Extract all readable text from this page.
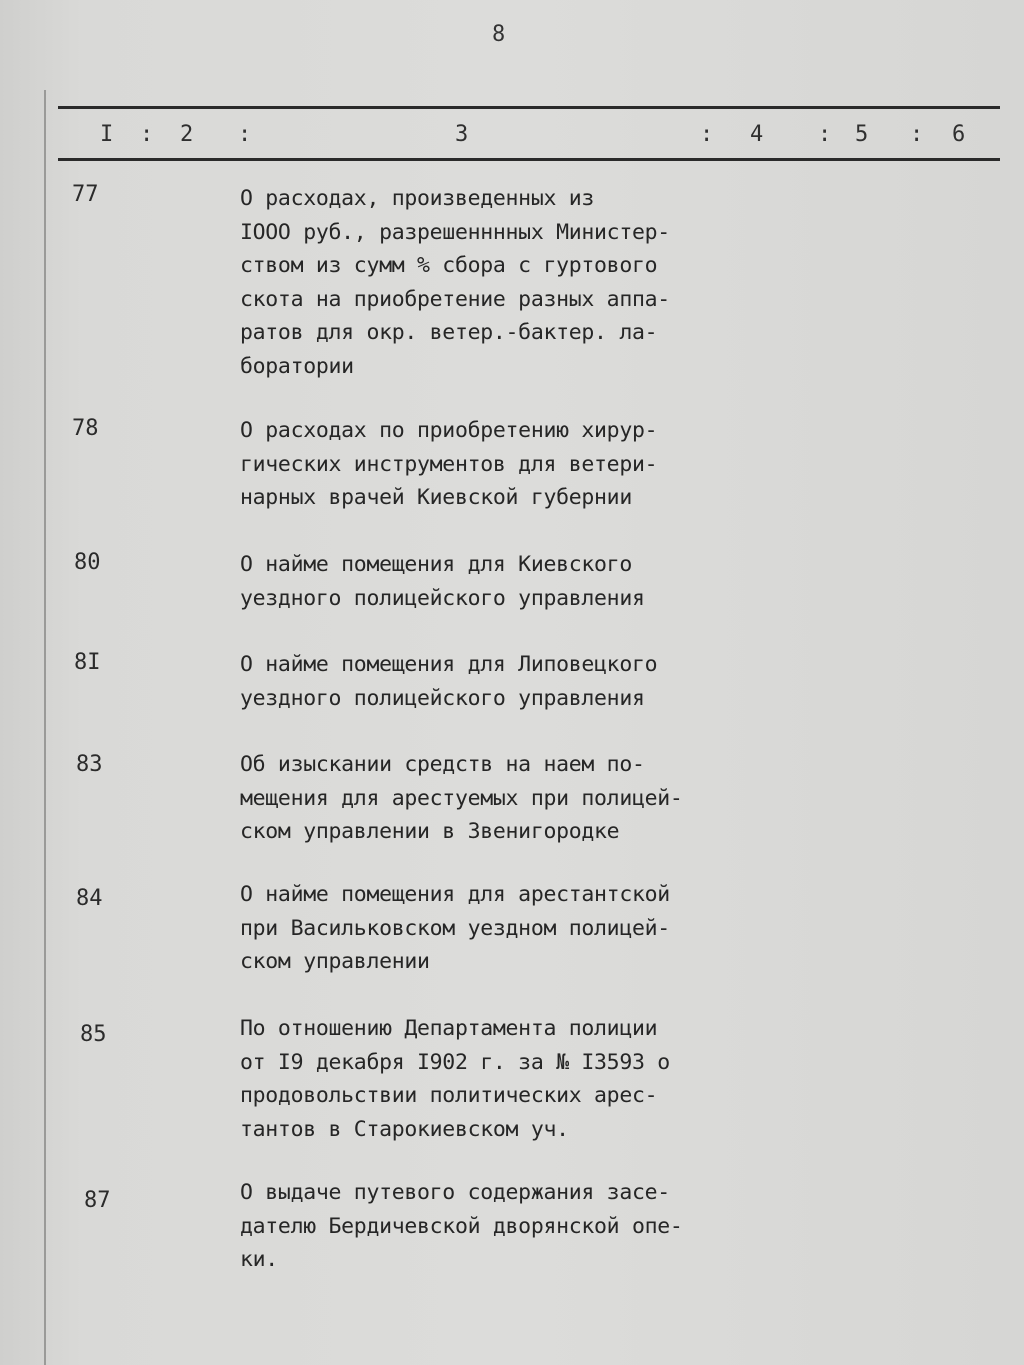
8
I : 2 :	3	: 4 : 5 : 6
77	О расходах, произведенных из
IООО руб., разрешенннных Министер-
ством из сумм % сбора с гуртового
скота на приобретение разных аппа-
ратов для окр. ветер.-бактер. ла-
боратории
78	О расходах по приобретению хирур-
гических инструментов для ветери-
нарных врачей Киевской губернии
80	О найме помещения для Киевского
уездного полицейского управления
8I	О найме помещения для Липовецкого
уездного полицейского управления
83	Об изыскании средств на наем по-
мещения для арестуемых при полицей-
ском управлении в Звенигородке
84	О найме помещения для арестантской
при Васильковском уездном полицей-
ском управлении
85	По отношению Департамента полиции
от I9 декабря I902 г. за № I3593 о
продовольствии политических арес-
тантов в Старокиевском уч.
87	О выдаче путевого содержания засе-
дателю Бердичевской дворянской опе-
ки.
